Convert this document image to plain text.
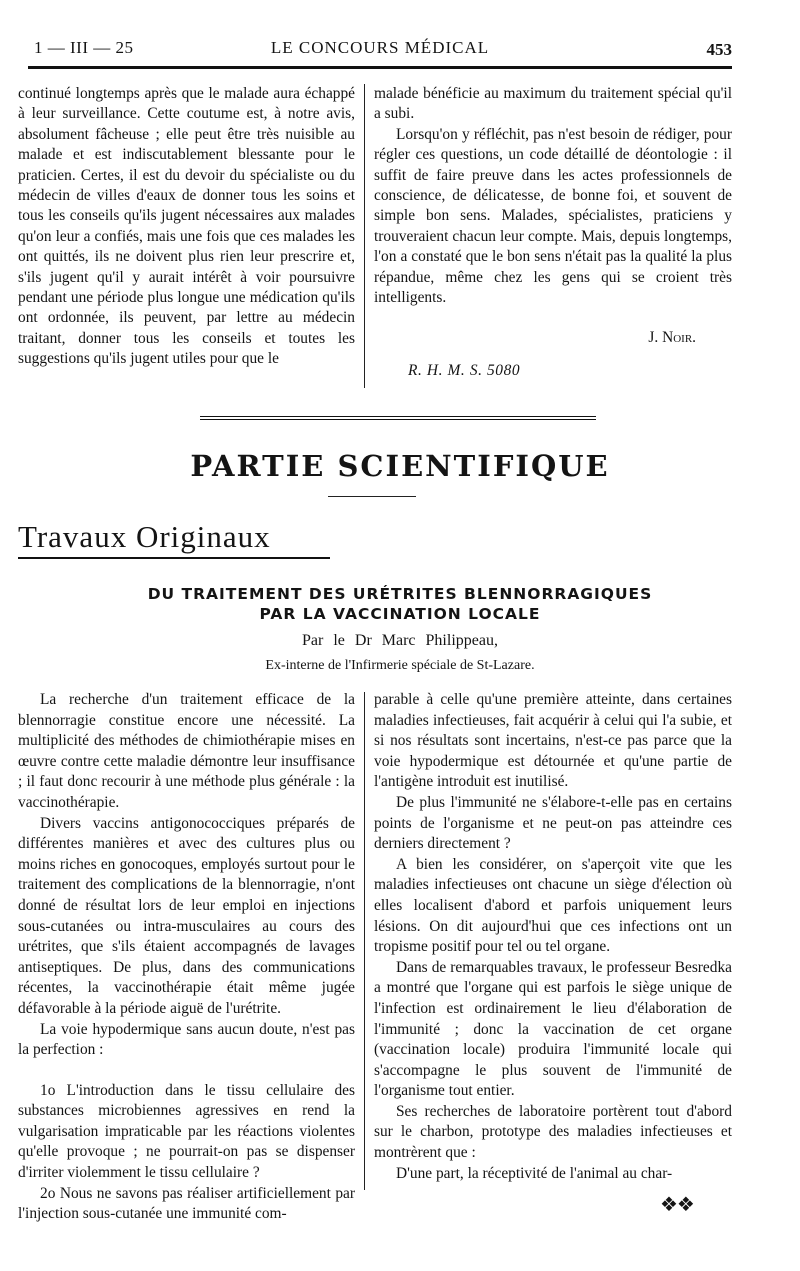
1 — III — 25	LE CONCOURS MÉDICAL	453

continué longtemps après que le malade aura échappé à leur surveillance. Cette coutume est, à notre avis, absolument fâcheuse ; elle peut être très nuisible au malade et est indiscutablement blessante pour le praticien. Certes, il est du devoir du spécialiste ou du médecin de villes d'eaux de donner tous les soins et tous les conseils qu'ils jugent nécessaires aux malades qu'on leur a confiés, mais une fois que ces malades les ont quittés, ils ne doivent plus rien leur prescrire et, s'ils jugent qu'il y aurait intérêt à voir poursuivre pendant une période plus longue une médication qu'ils ont ordonnée, ils peuvent, par lettre au médecin traitant, donner tous les conseils et toutes les suggestions qu'ils jugent utiles pour que le

malade bénéficie au maximum du traitement spécial qu'il a subi.

Lorsqu'on y réfléchit, pas n'est besoin de rédiger, pour régler ces questions, un code détaillé de déontologie : il suffit de faire preuve dans les actes professionnels de conscience, de délicatesse, de bonne foi, et souvent de simple bon sens. Malades, spécialistes, praticiens y trouveraient chacun leur compte. Mais, depuis longtemps, l'on a constaté que le bon sens n'était pas la qualité la plus répandue, même chez les gens qui se croient très intelligents.

J. Noir.

R. H. M. S. 5080

PARTIE SCIENTIFIQUE
Travaux Originaux
DU TRAITEMENT DES URÉTRITES BLENNORRAGIQUES
PAR LA VACCINATION LOCALE
Par le Dr Marc Philippeau,
Ex-interne de l'Infirmerie spéciale de St-Lazare.

La recherche d'un traitement efficace de la blennorragie constitue encore une nécessité. La multiplicité des méthodes de chimiothérapie mises en œuvre contre cette maladie démontre leur insuffisance ; il faut donc recourir à une méthode plus générale : la vaccinothérapie.

Divers vaccins antigonococciques préparés de différentes manières et avec des cultures plus ou moins riches en gonocoques, employés surtout pour le traitement des complications de la blennorragie, n'ont donné de résultat lors de leur emploi en injections sous-cutanées ou intra-musculaires au cours des urétrites, que s'ils étaient accompagnés de lavages antiseptiques. De plus, dans des communications récentes, la vaccinothérapie était même jugée défavorable à la période aiguë de l'urétrite.

La voie hypodermique sans aucun doute, n'est pas la perfection :

1o L'introduction dans le tissu cellulaire des substances microbiennes agressives en rend la vulgarisation impraticable par les réactions violentes qu'elle provoque ; ne pourrait-on pas se dispenser d'irriter violemment le tissu cellulaire ?

2o Nous ne savons pas réaliser artificiellement par l'injection sous-cutanée une immunité com-

parable à celle qu'une première atteinte, dans certaines maladies infectieuses, fait acquérir à celui qui l'a subie, et si nos résultats sont incertains, n'est-ce pas parce que la voie hypodermique est détournée et qu'une partie de l'antigène introduit est inutilisé.

De plus l'immunité ne s'élabore-t-elle pas en certains points de l'organisme et ne peut-on pas atteindre ces derniers directement ?

A bien les considérer, on s'aperçoit vite que les maladies infectieuses ont chacune un siège d'élection où elles localisent d'abord et parfois uniquement leurs lésions. On dit aujourd'hui que ces infections ont un tropisme positif pour tel ou tel organe.

Dans de remarquables travaux, le professeur Besredka a montré que l'organe qui est parfois le siège unique de l'infection est ordinairement le lieu d'élaboration de l'immunité ; donc la vaccination de cet organe (vaccination locale) produira l'immunité locale qui s'accompagne le plus souvent de l'immunité de l'organisme tout entier.

Ses recherches de laboratoire portèrent tout d'abord sur le charbon, prototype des maladies infectieuses et montrèrent que :

D'une part, la réceptivité de l'animal au char-

❖❖
